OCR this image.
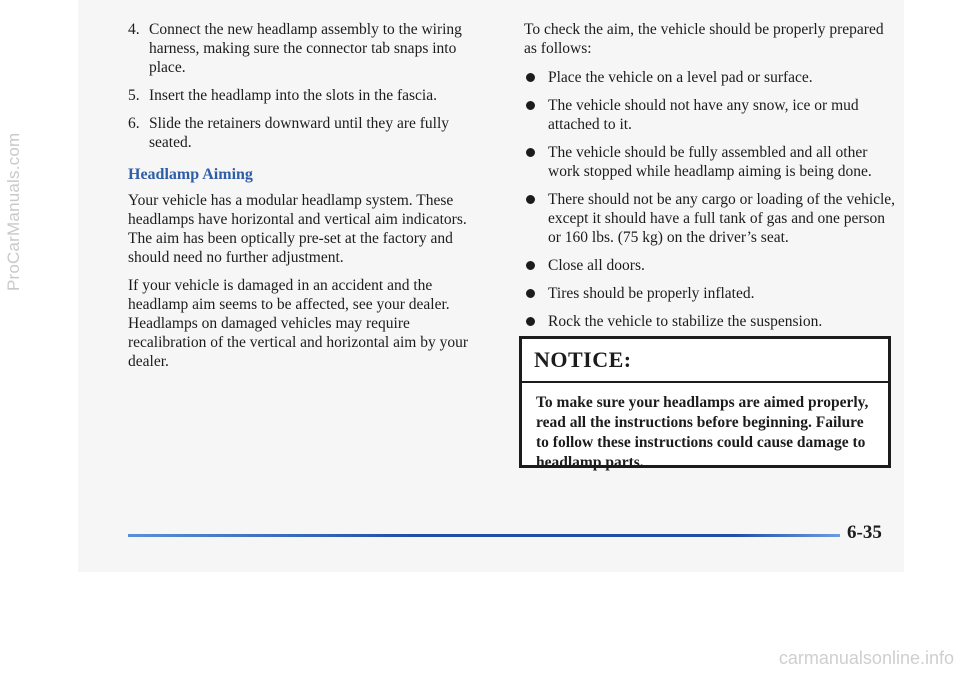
ProCarManuals.com
4. Connect the new headlamp assembly to the wiring harness, making sure the connector tab snaps into place.
5. Insert the headlamp into the slots in the fascia.
6. Slide the retainers downward until they are fully seated.
Headlamp Aiming

Your vehicle has a modular headlamp system. These headlamps have horizontal and vertical aim indicators. The aim has been optically pre-set at the factory and should need no further adjustment.

If your vehicle is damaged in an accident and the headlamp aim seems to be affected, see your dealer. Headlamps on damaged vehicles may require recalibration of the vertical and horizontal aim by your dealer.

To check the aim, the vehicle should be properly prepared as follows:

Place the vehicle on a level pad or surface.
The vehicle should not have any snow, ice or mud attached to it.
The vehicle should be fully assembled and all other work stopped while headlamp aiming is being done.
There should not be any cargo or loading of the vehicle, except it should have a full tank of gas and one person or 160 lbs. (75 kg) on the driver’s seat.
Close all doors.
Tires should be properly inflated.
Rock the vehicle to stabilize the suspension.
NOTICE:
To make sure your headlamps are aimed properly, read all the instructions before beginning. Failure to follow these instructions could cause damage to headlamp parts.
6-35
carmanualsonline.info
